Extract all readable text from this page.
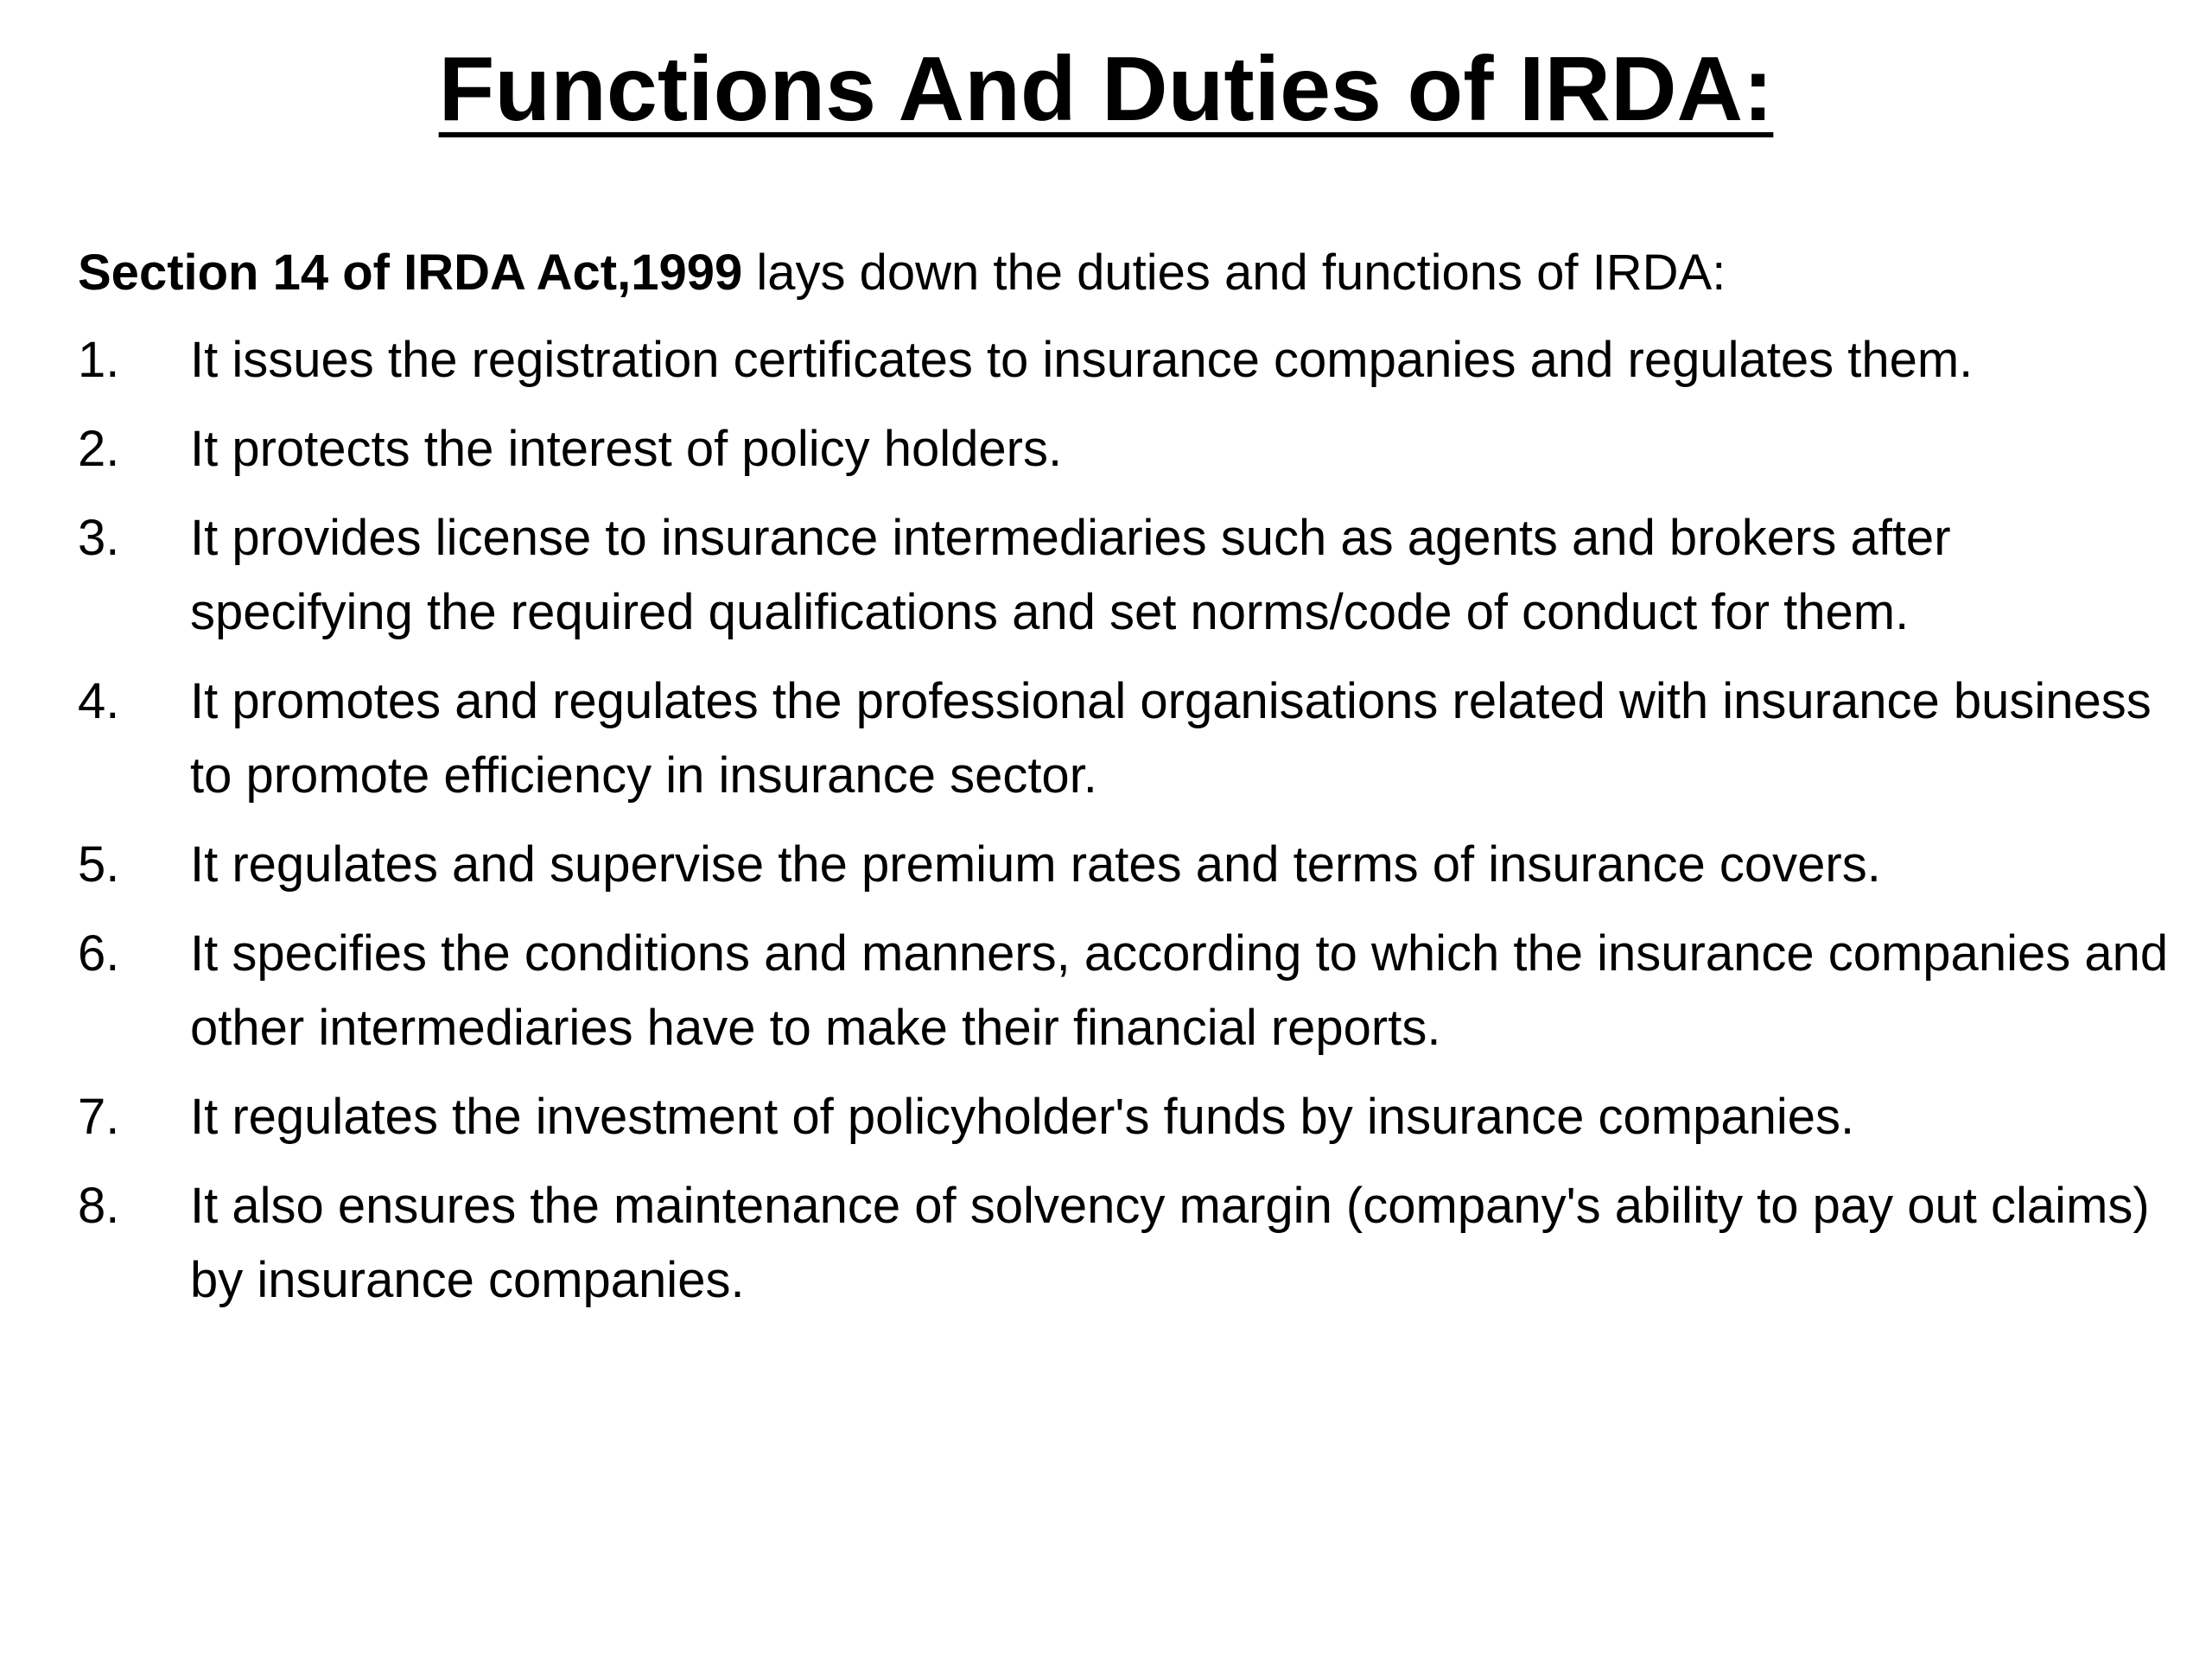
Functions And Duties of IRDA:

Section 14 of IRDA Act,1999 lays down the duties and functions of IRDA:

1.	It issues the registration certificates to insurance companies and regulates them.
2.	It protects the interest of policy holders.
3.	It provides license to insurance intermediaries such as agents and brokers after specifying the required qualifications and set norms/code of conduct for them.
4.	It promotes and regulates the professional organisations related with insurance business to promote efficiency in insurance sector.
5.	It regulates and supervise the premium rates and terms of insurance covers.
6.	It specifies the conditions and manners, according to which the insurance companies and other intermediaries have to make their financial reports.
7.	It regulates the investment of policyholder's funds by insurance companies.
8.	It also ensures the maintenance of solvency margin (company's ability to pay out claims) by insurance companies.
